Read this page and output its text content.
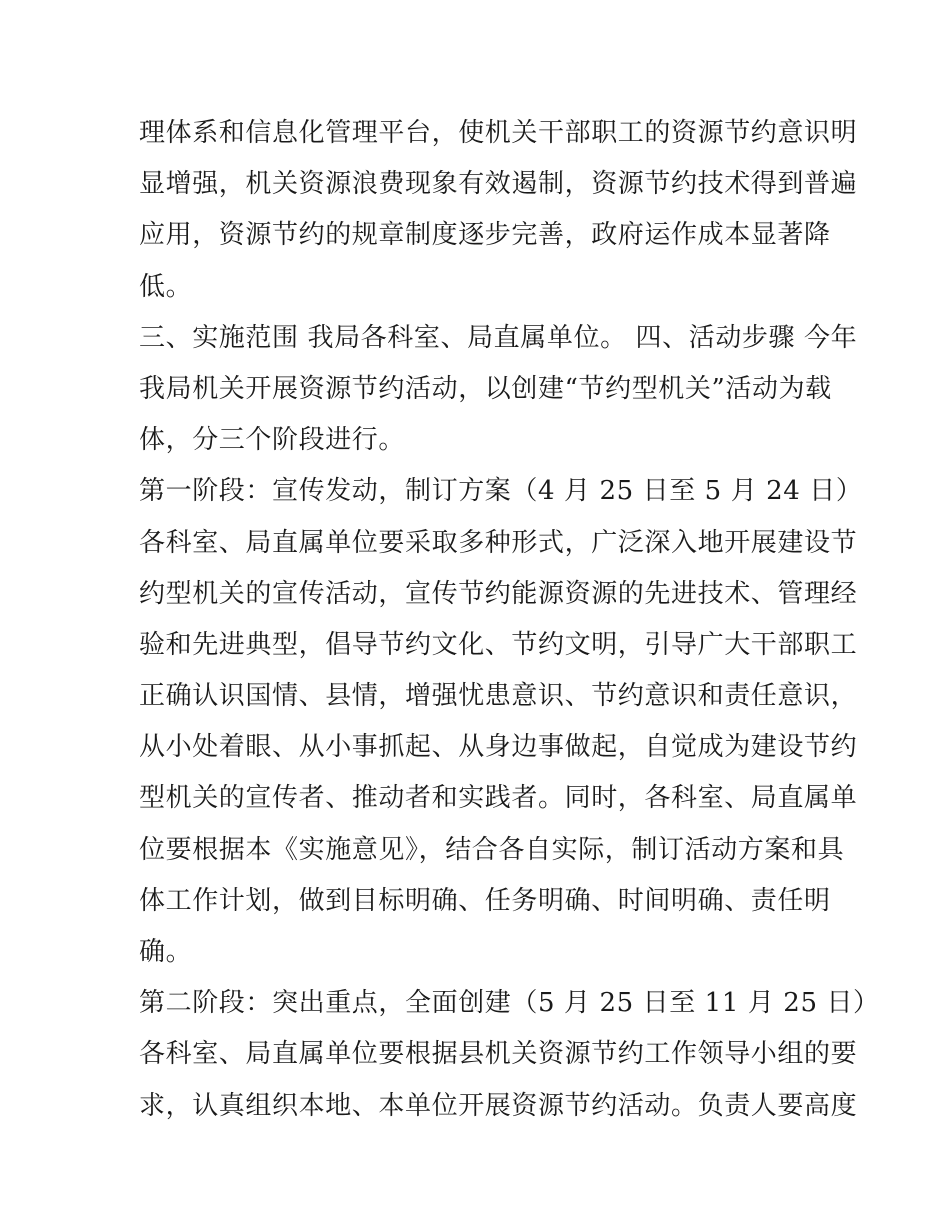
理体系和信息化管理平台，使机关干部职工的资源节约意识明
显增强，机关资源浪费现象有效遏制，资源节约技术得到普遍
应用，资源节约的规章制度逐步完善，政府运作成本显著降
低。
三、实施范围 我局各科室、局直属单位。 四、活动步骤 今年
我局机关开展资源节约活动，以创建“节约型机关”活动为载
体，分三个阶段进行。
第一阶段：宣传发动，制订方案（4 月 25 日至 5 月 24 日）
各科室、局直属单位要采取多种形式，广泛深入地开展建设节
约型机关的宣传活动，宣传节约能源资源的先进技术、管理经
验和先进典型，倡导节约文化、节约文明，引导广大干部职工
正确认识国情、县情，增强忧患意识、节约意识和责任意识，
从小处着眼、从小事抓起、从身边事做起，自觉成为建设节约
型机关的宣传者、推动者和实践者。同时，各科室、局直属单
位要根据本《实施意见》，结合各自实际，制订活动方案和具
体工作计划，做到目标明确、任务明确、时间明确、责任明
确。
第二阶段：突出重点，全面创建（5 月 25 日至 11 月 25 日）
各科室、局直属单位要根据县机关资源节约工作领导小组的要
求，认真组织本地、本单位开展资源节约活动。负责人要高度
